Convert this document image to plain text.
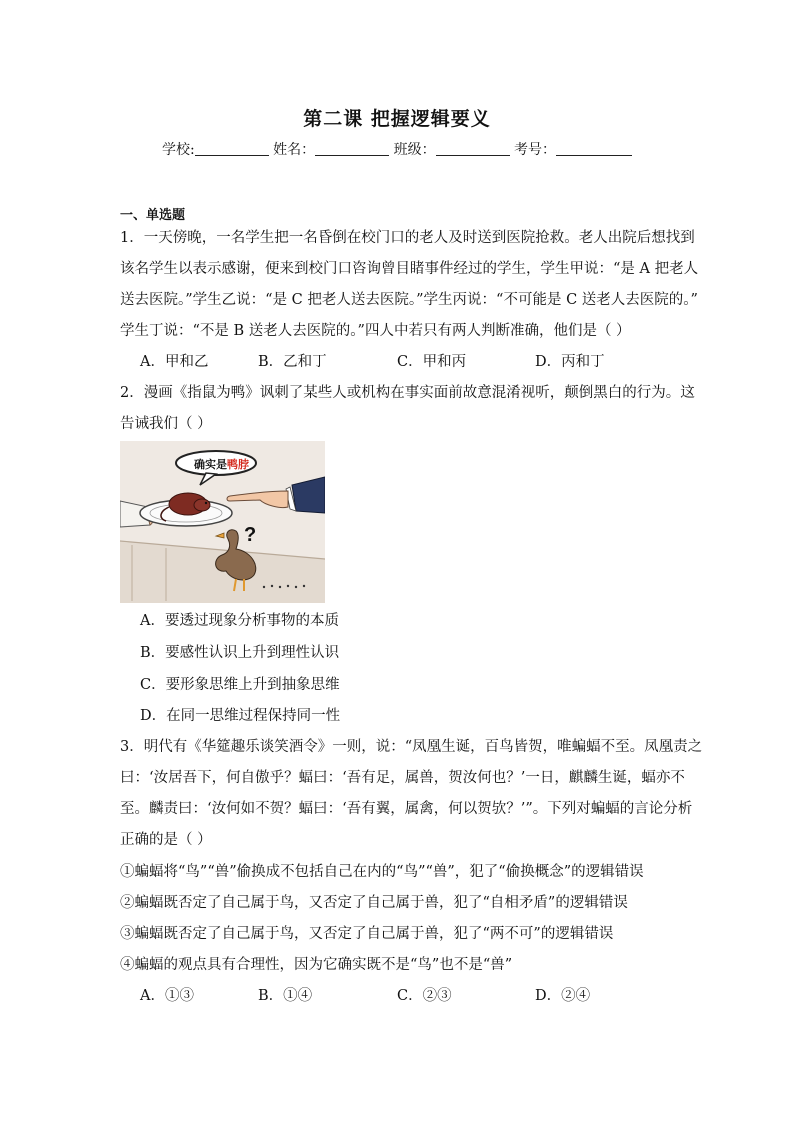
第二课 把握逻辑要义
学校:	姓名：	班级：	考号：
一、单选题
1．一天傍晚，一名学生把一名昏倒在校门口的老人及时送到医院抢救。老人出院后想找到
该名学生以表示感谢，便来到校门口咨询曾目睹事件经过的学生，学生甲说：“是 A 把老人
送去医院。”学生乙说：“是 C 把老人送去医院。”学生丙说：“不可能是 C 送老人去医院的。”
学生丁说：“不是 B 送老人去医院的。”四人中若只有两人判断准确，他们是（ ）
A．甲和乙	B．乙和丁	C．甲和丙	D．丙和丁
2．漫画《指鼠为鸭》讽刺了某些人或机构在事实面前故意混淆视听，颠倒黑白的行为。这
告诫我们（ ）
确实是 鸭脖
?
A．要透过现象分析事物的本质
B．要感性认识上升到理性认识
C．要形象思维上升到抽象思维
D．在同一思维过程保持同一性
3．明代有《华筵趣乐谈笑酒令》一则，说：“凤凰生诞，百鸟皆贺，唯蝙蝠不至。凤凰责之
曰：‘汝居吾下，何自傲乎？蝠曰：‘吾有足，属兽，贺汝何也？’一日，麒麟生诞，蝠亦不
至。麟责曰：‘汝何如不贺？蝠曰：‘吾有翼，属禽，何以贺欤？’”。下列对蝙蝠的言论分析
正确的是（ ）
①蝙蝠将“鸟”“兽”偷换成不包括自己在内的“鸟”“兽”，犯了“偷换概念”的逻辑错误
②蝙蝠既否定了自己属于鸟，又否定了自己属于兽，犯了“自相矛盾”的逻辑错误
③蝙蝠既否定了自己属于鸟，又否定了自己属于兽，犯了“两不可”的逻辑错误
④蝙蝠的观点具有合理性，因为它确实既不是“鸟”也不是“兽”
A．①③	B．①④	C．②③	D．②④
